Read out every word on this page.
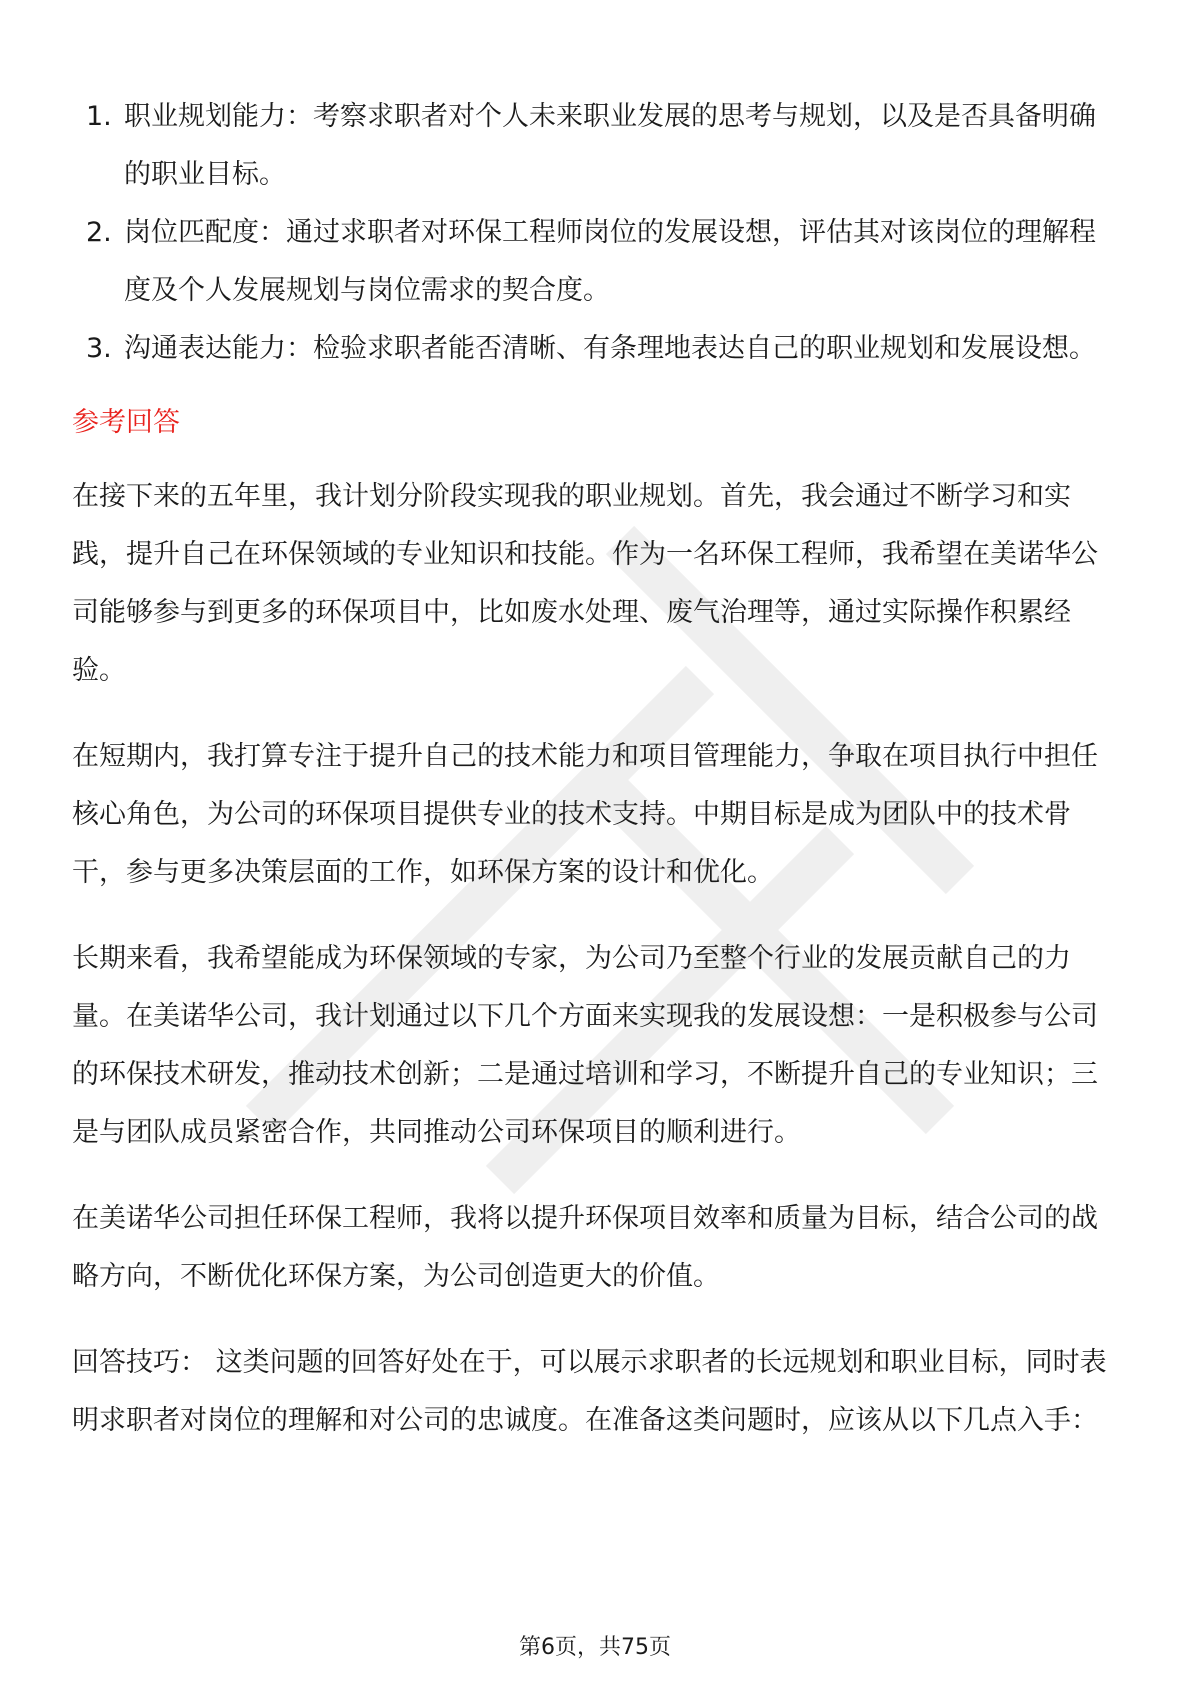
1. 职业规划能力：考察求职者对个人未来职业发展的思考与规划，以及是否具备明确的职业目标。
2. 岗位匹配度：通过求职者对环保工程师岗位的发展设想，评估其对该岗位的理解程度及个人发展规划与岗位需求的契合度。
3. 沟通表达能力：检验求职者能否清晰、有条理地表达自己的职业规划和发展设想。
参考回答

在接下来的五年里，我计划分阶段实现我的职业规划。首先，我会通过不断学习和实践，提升自己在环保领域的专业知识和技能。作为一名环保工程师，我希望在美诺华公司能够参与到更多的环保项目中，比如废水处理、废气治理等，通过实际操作积累经验。

在短期内，我打算专注于提升自己的技术能力和项目管理能力，争取在项目执行中担任核心角色，为公司的环保项目提供专业的技术支持。中期目标是成为团队中的技术骨干，参与更多决策层面的工作，如环保方案的设计和优化。

长期来看，我希望能成为环保领域的专家，为公司乃至整个行业的发展贡献自己的力量。在美诺华公司，我计划通过以下几个方面来实现我的发展设想：一是积极参与公司的环保技术研发，推动技术创新；二是通过培训和学习，不断提升自己的专业知识；三是与团队成员紧密合作，共同推动公司环保项目的顺利进行。

在美诺华公司担任环保工程师，我将以提升环保项目效率和质量为目标，结合公司的战略方向，不断优化环保方案，为公司创造更大的价值。

回答技巧： 这类问题的回答好处在于，可以展示求职者的长远规划和职业目标，同时表明求职者对岗位的理解和对公司的忠诚度。在准备这类问题时，应该从以下几点入手：

第6页，共75页
